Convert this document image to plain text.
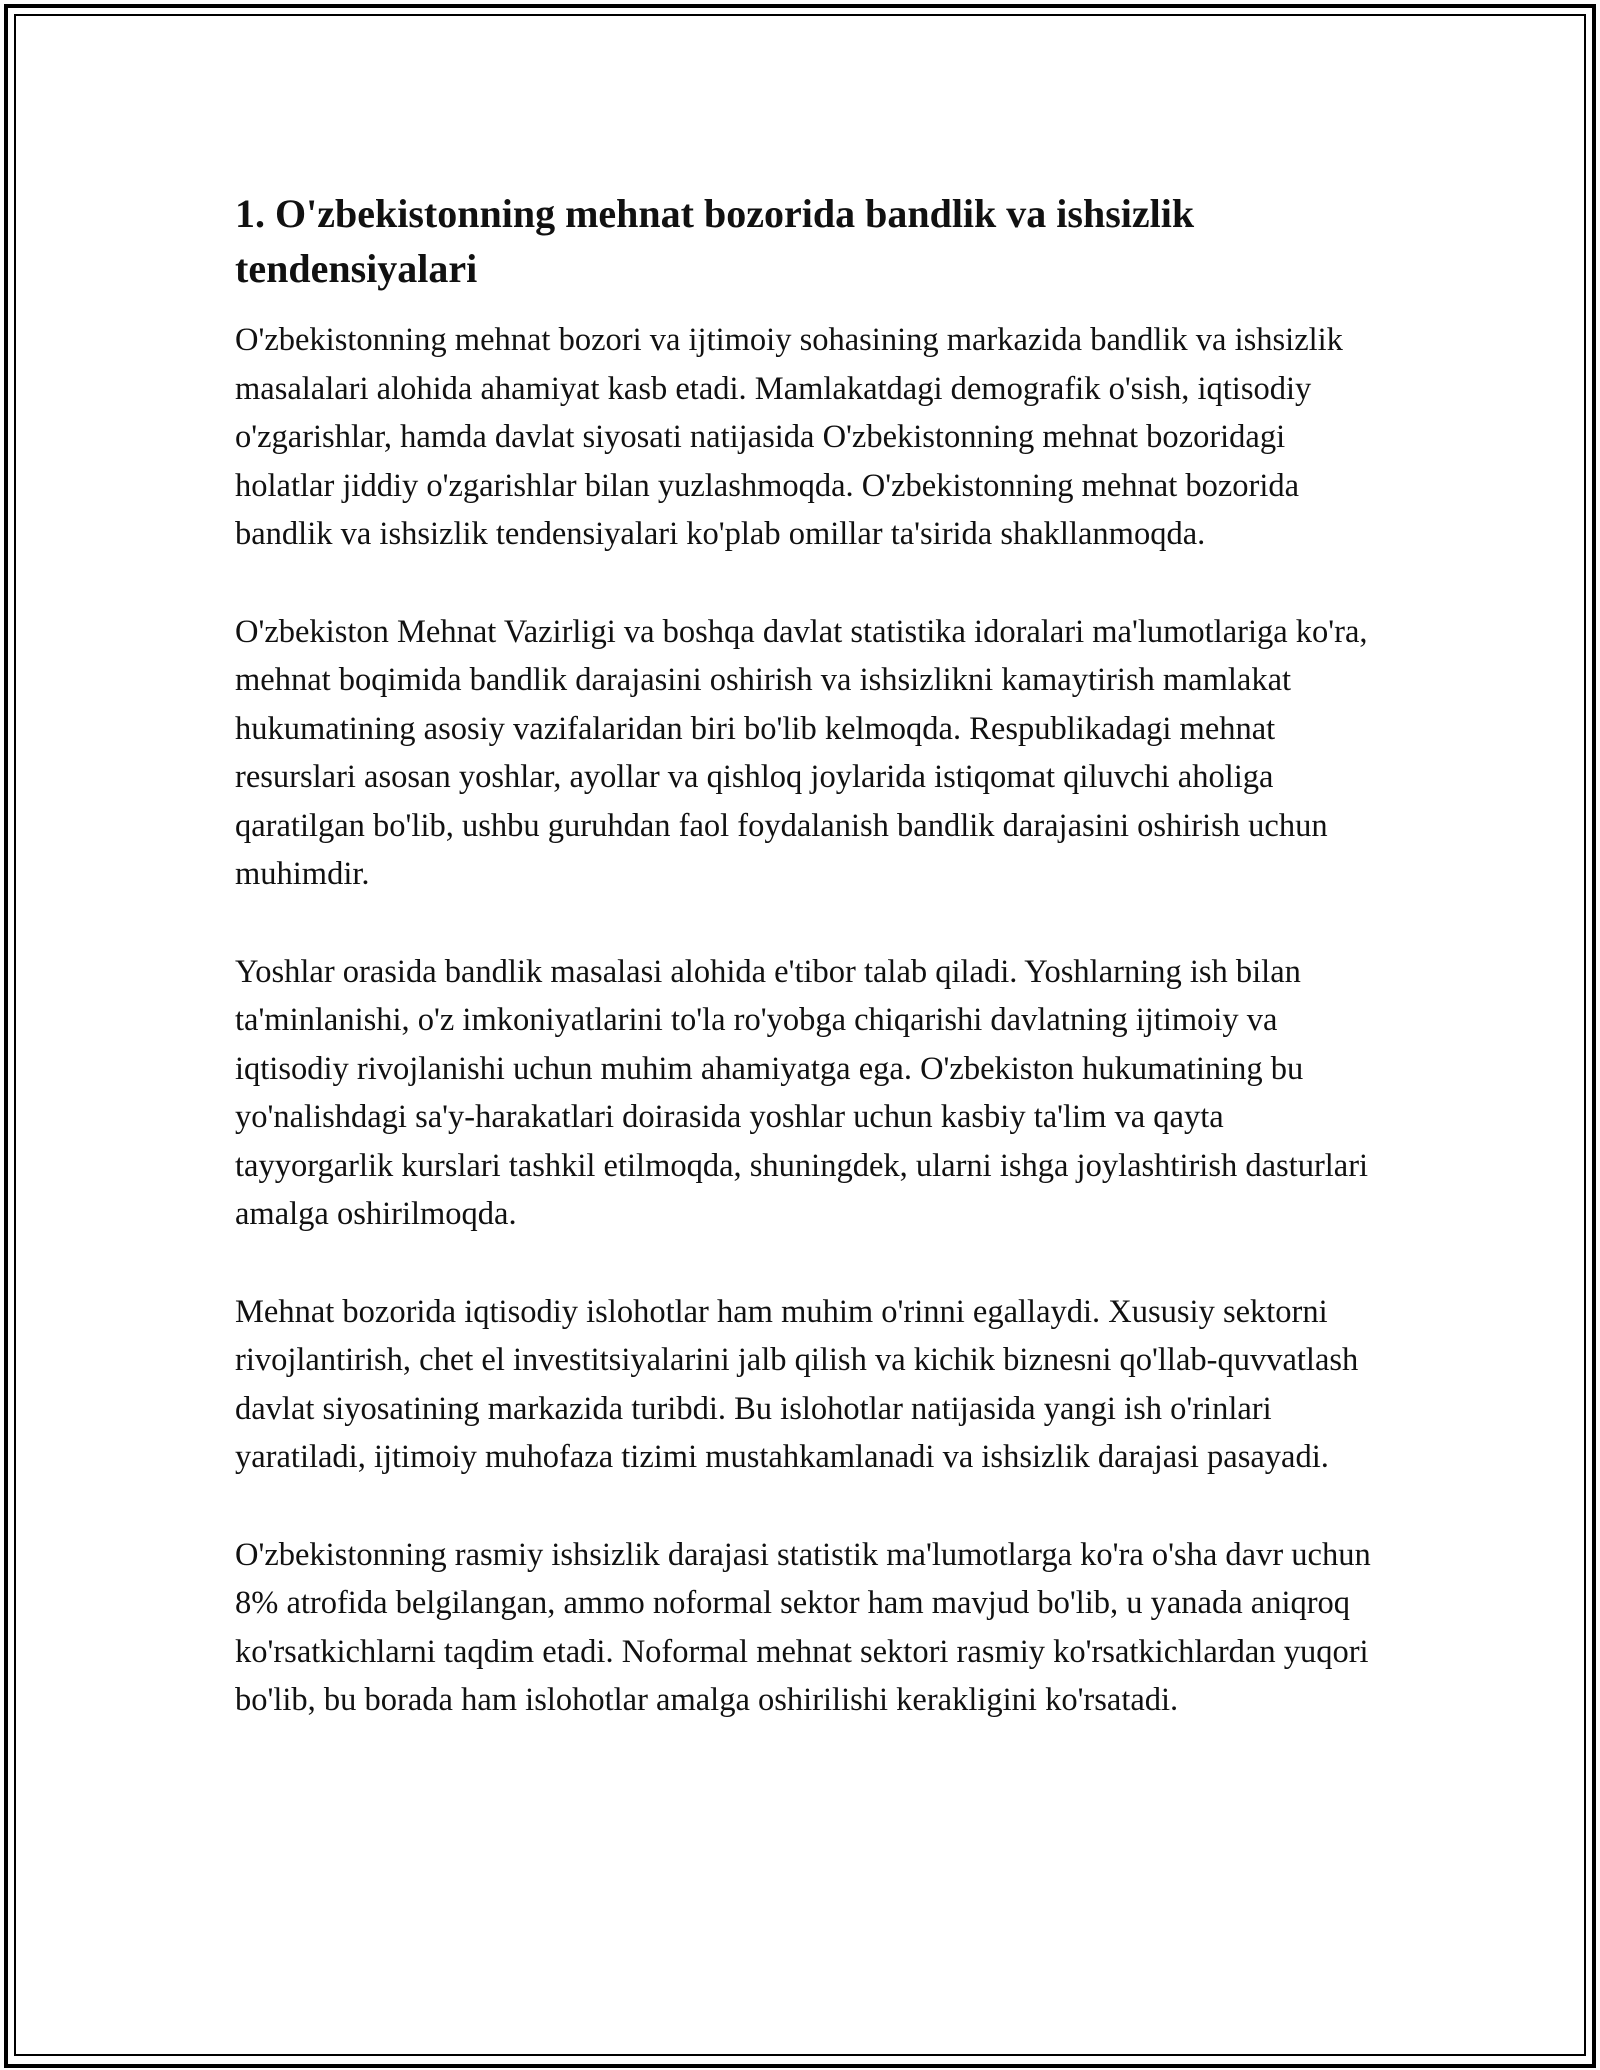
1. O'zbekistonning mehnat bozorida bandlik va ishsizlik tendensiyalari

O'zbekistonning mehnat bozori va ijtimoiy sohasining markazida bandlik va ishsizlik masalalari alohida ahamiyat kasb etadi. Mamlakatdagi demografik o'sish, iqtisodiy o'zgarishlar, hamda davlat siyosati natijasida O'zbekistonning mehnat bozoridagi holatlar jiddiy o'zgarishlar bilan yuzlashmoqda. O'zbekistonning mehnat bozorida bandlik va ishsizlik tendensiyalari ko'plab omillar ta'sirida shakllanmoqda.

O'zbekiston Mehnat Vazirligi va boshqa davlat statistika idoralari ma'lumotlariga ko'ra, mehnat boqimida bandlik darajasini oshirish va ishsizlikni kamaytirish mamlakat hukumatining asosiy vazifalaridan biri bo'lib kelmoqda. Respublikadagi mehnat resurslari asosan yoshlar, ayollar va qishloq joylarida istiqomat qiluvchi aholiga qaratilgan bo'lib, ushbu guruhdan faol foydalanish bandlik darajasini oshirish uchun muhimdir.

Yoshlar orasida bandlik masalasi alohida e'tibor talab qiladi. Yoshlarning ish bilan ta'minlanishi, o'z imkoniyatlarini to'la ro'yobga chiqarishi davlatning ijtimoiy va iqtisodiy rivojlanishi uchun muhim ahamiyatga ega. O'zbekiston hukumatining bu yo'nalishdagi sa'y-harakatlari doirasida yoshlar uchun kasbiy ta'lim va qayta tayyorgarlik kurslari tashkil etilmoqda, shuningdek, ularni ishga joylashtirish dasturlari amalga oshirilmoqda.

Mehnat bozorida iqtisodiy islohotlar ham muhim o'rinni egallaydi. Xususiy sektorni rivojlantirish, chet el investitsiyalarini jalb qilish va kichik biznesni qo'llab-quvvatlash davlat siyosatining markazida turibdi. Bu islohotlar natijasida yangi ish o'rinlari yaratiladi, ijtimoiy muhofaza tizimi mustahkamlanadi va ishsizlik darajasi pasayadi.

O'zbekistonning rasmiy ishsizlik darajasi statistik ma'lumotlarga ko'ra o'sha davr uchun 8% atrofida belgilangan, ammo noformal sektor ham mavjud bo'lib, u yanada aniqroq ko'rsatkichlarni taqdim etadi. Noformal mehnat sektori rasmiy ko'rsatkichlardan yuqori bo'lib, bu borada ham islohotlar amalga oshirilishi kerakligini ko'rsatadi.
